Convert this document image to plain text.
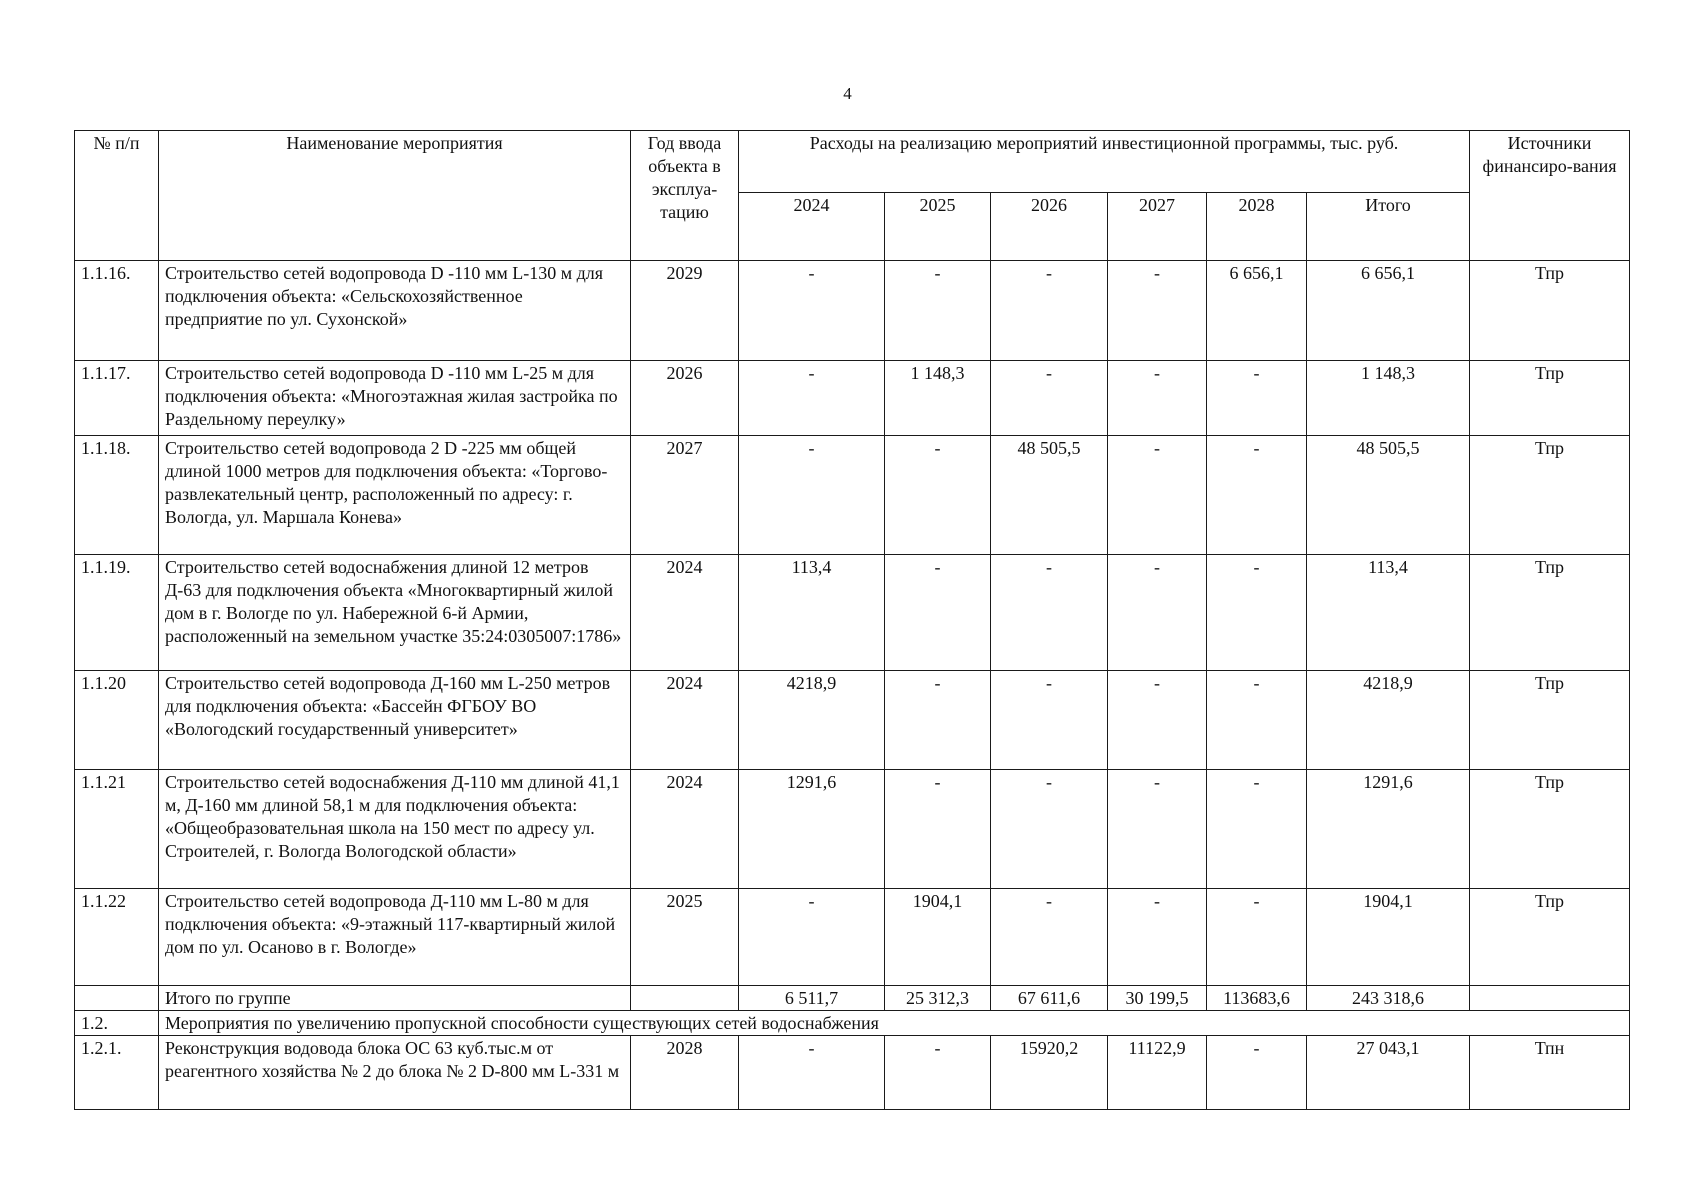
4
№ п/п	Наименование мероприятия	Год ввода объекта в эксплуа-тацию	Расходы на реализацию мероприятий инвестиционной программы, тыс. руб.						Источники финансиро-вания
			2024	2025	2026	2027	2028	Итого	
1.1.16.	Строительство сетей водопровода D -110 мм L-130 м для подключения объекта: «Сельскохозяйственное предприятие по ул. Сухонской»	2029	-	-	-	-	6 656,1	6 656,1	Тпр
1.1.17.	Строительство сетей водопровода D -110 мм L-25 м для подключения объекта: «Многоэтажная жилая застройка по Раздельному переулку»	2026	-	1 148,3	-	-	-	1 148,3	Тпр
1.1.18.	Строительство сетей водопровода 2 D -225 мм общей длиной 1000 метров для подключения объекта: «Торгово-развлекательный центр, расположенный по адресу: г. Вологда, ул. Маршала Конева»	2027	-	-	48 505,5	-	-	48 505,5	Тпр
1.1.19.	Строительство сетей водоснабжения длиной 12 метров Д-63 для подключения объекта «Многоквартирный жилой дом в г. Вологде по ул. Набережной 6-й Армии, расположенный на земельном участке 35:24:0305007:1786»	2024	113,4	-	-	-	-	113,4	Тпр
1.1.20	Строительство сетей водопровода Д-160 мм L-250 метров для подключения объекта: «Бассейн ФГБОУ ВО «Вологодский государственный университет»	2024	4218,9	-	-	-	-	4218,9	Тпр
1.1.21	Строительство сетей водоснабжения Д-110 мм длиной 41,1 м, Д-160 мм длиной 58,1 м для подключения объекта: «Общеобразовательная школа на 150 мест по адресу ул. Строителей, г. Вологда Вологодской области»	2024	1291,6	-	-	-	-	1291,6	Тпр
1.1.22	Строительство сетей водопровода Д-110 мм L-80 м для подключения объекта: «9-этажный 117-квартирный жилой дом по ул. Осаново в г. Вологде»	2025	-	1904,1	-	-	-	1904,1	Тпр
	Итого по группе		6 511,7	25 312,3	67 611,6	30 199,5	113683,6	243 318,6	
1.2.	Мероприятия по увеличению пропускной способности существующих сетей водоснабжения								
1.2.1.	Реконструкция водовода блока ОС 63 куб.тыс.м от реагентного хозяйства № 2 до блока № 2 D-800 мм L-331 м	2028	-	-	15920,2	11122,9	-	27 043,1	Тпн
